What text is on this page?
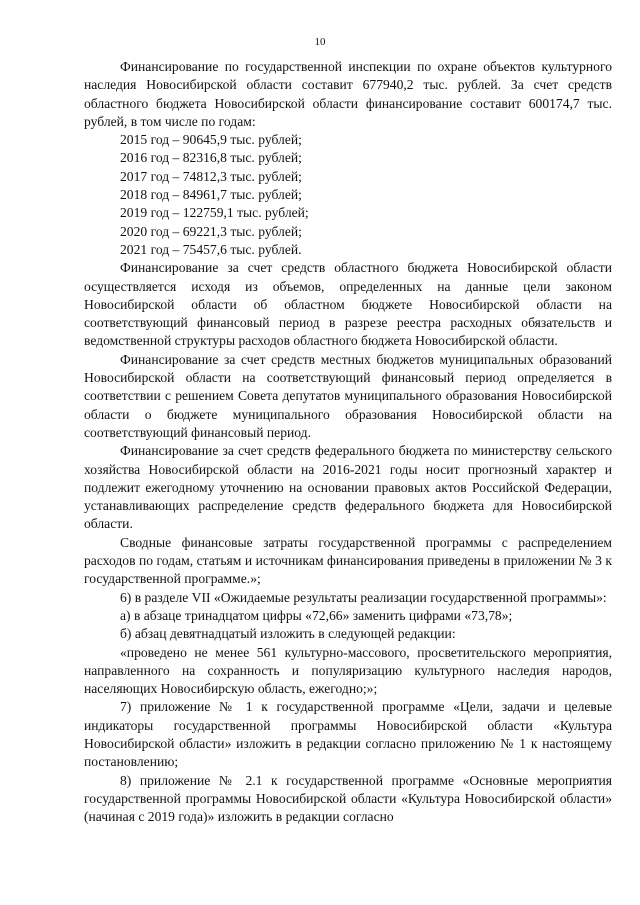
10

Финансирование по государственной инспекции по охране объектов культурного наследия Новосибирской области составит 677940,2 тыс. рублей. За счет средств областного бюджета Новосибирской области финансирование составит 600174,7 тыс. рублей, в том числе по годам:

2015 год – 90645,9 тыс. рублей;

2016 год – 82316,8 тыс. рублей;

2017 год – 74812,3 тыс. рублей;

2018 год – 84961,7 тыс. рублей;

2019 год – 122759,1 тыс. рублей;

2020 год – 69221,3 тыс. рублей;

2021 год – 75457,6 тыс. рублей.

Финансирование за счет средств областного бюджета Новосибирской области осуществляется исходя из объемов, определенных на данные цели законом Новосибирской области об областном бюджете Новосибирской области на соответствующий финансовый период в разрезе реестра расходных обязательств и ведомственной структуры расходов областного бюджета Новосибирской области.

Финансирование за счет средств местных бюджетов муниципальных образований Новосибирской области на соответствующий финансовый период определяется в соответствии с решением Совета депутатов муниципального образования Новосибирской области о бюджете муниципального образования Новосибирской области на соответствующий финансовый период.

Финансирование за счет средств федерального бюджета по министерству сельского хозяйства Новосибирской области на 2016-2021 годы носит прогнозный характер и подлежит ежегодному уточнению на основании правовых актов Российской Федерации, устанавливающих распределение средств федерального бюджета для Новосибирской области.

Сводные финансовые затраты государственной программы с распределением расходов по годам, статьям и источникам финансирования приведены в приложении № 3 к государственной программе.»;

6) в разделе VII «Ожидаемые результаты реализации государственной программы»:

а) в абзаце тринадцатом цифры «72,66» заменить цифрами «73,78»;

б) абзац девятнадцатый изложить в следующей редакции:

«проведено не менее 561 культурно-массового, просветительского мероприятия, направленного на сохранность и популяризацию культурного наследия народов, населяющих Новосибирскую область, ежегодно;»;

7) приложение № 1 к государственной программе «Цели, задачи и целевые индикаторы государственной программы Новосибирской области «Культура Новосибирской области» изложить в редакции согласно приложению № 1 к настоящему постановлению;

8) приложение № 2.1 к государственной программе «Основные мероприятия государственной программы Новосибирской области «Культура Новосибирской области» (начиная с 2019 года)» изложить в редакции согласно
